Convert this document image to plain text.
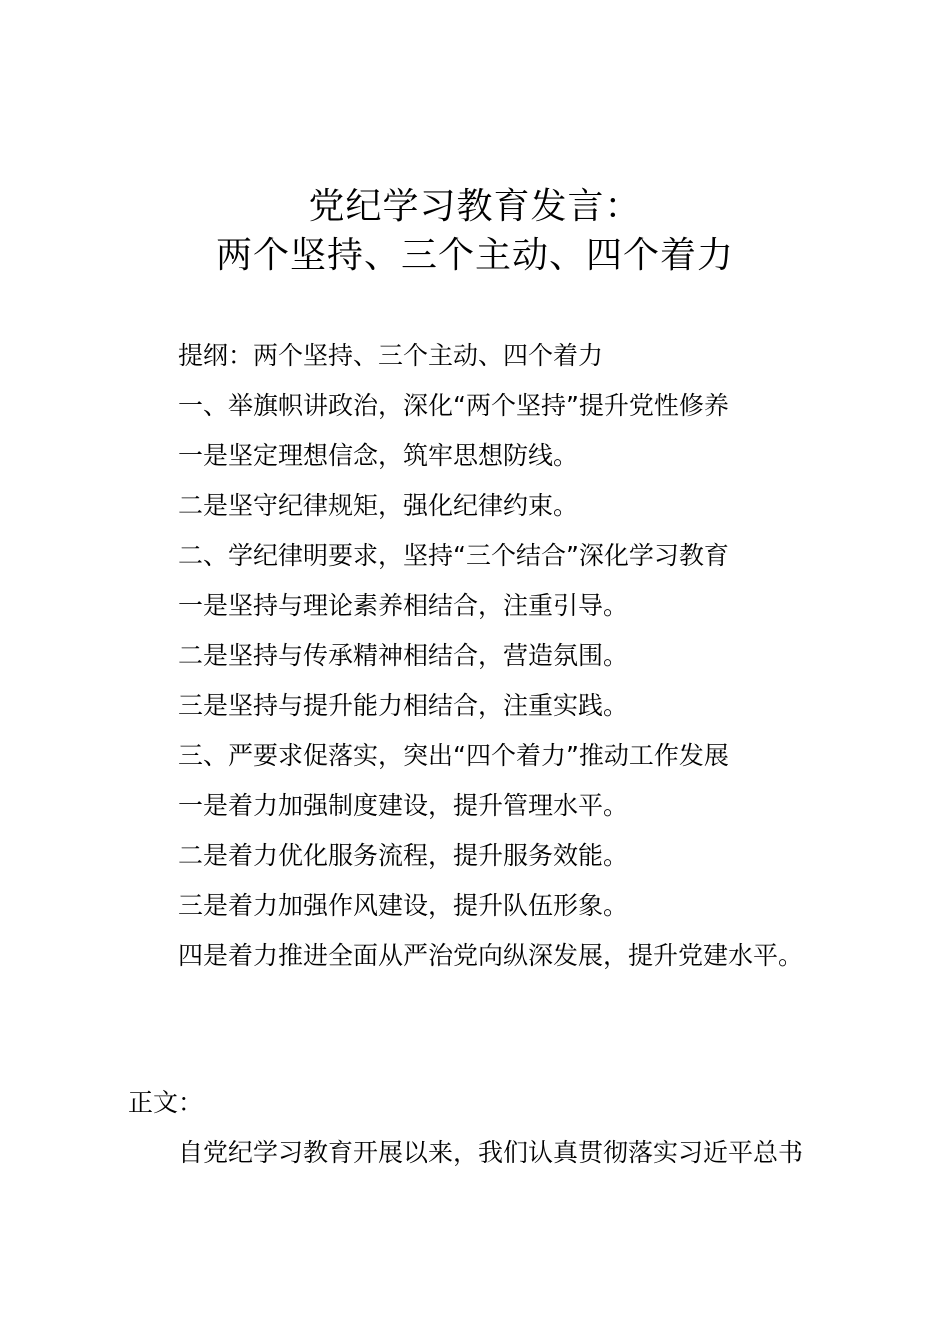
党纪学习教育发言：
两个坚持、三个主动、四个着力
提纲：两个坚持、三个主动、四个着力
一、举旗帜讲政治，深化“两个坚持”提升党性修养
一是坚定理想信念，筑牢思想防线。
二是坚守纪律规矩，强化纪律约束。
二、学纪律明要求，坚持“三个结合”深化学习教育
一是坚持与理论素养相结合，注重引导。
二是坚持与传承精神相结合，营造氛围。
三是坚持与提升能力相结合，注重实践。
三、严要求促落实，突出“四个着力”推动工作发展
一是着力加强制度建设，提升管理水平。
二是着力优化服务流程，提升服务效能。
三是着力加强作风建设，提升队伍形象。
四是着力推进全面从严治党向纵深发展，提升党建水平。
正文：
自党纪学习教育开展以来，我们认真贯彻落实习近平总书
